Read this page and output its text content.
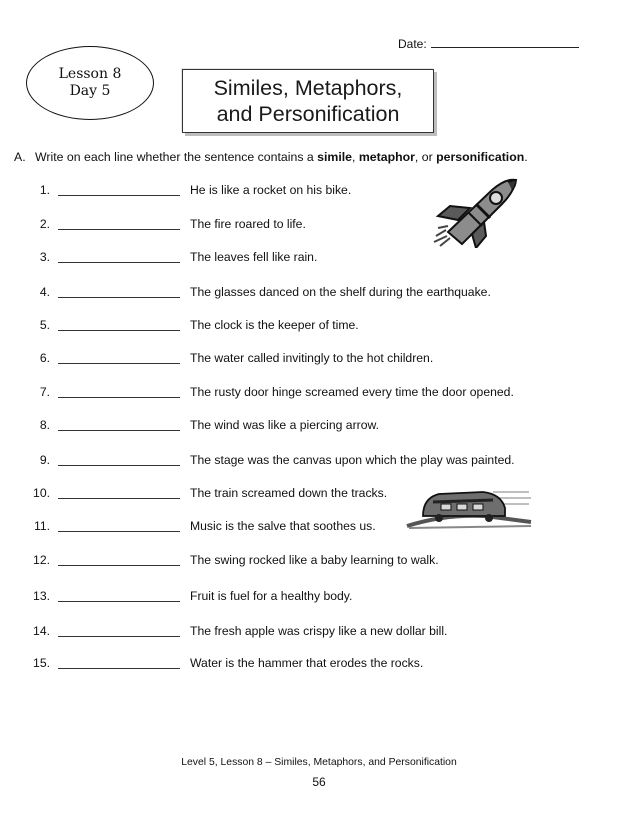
Date:
Lesson 8
Day 5	Similes, Metaphors,
and Personification
A. Write on each line whether the sentence contains a simile, metaphor, or personification.
1.	He is like a rocket on his bike.
2.	The fire roared to life.
3.	The leaves fell like rain.
4.	The glasses danced on the shelf during the earthquake.
5.	The clock is the keeper of time.
6.	The water called invitingly to the hot children.
7.	The rusty door hinge screamed every time the door opened.
8.	The wind was like a piercing arrow.
9.	The stage was the canvas upon which the play was painted.
10.	The train screamed down the tracks.
11.	Music is the salve that soothes us.
12.	The swing rocked like a baby learning to walk.
13.	Fruit is fuel for a healthy body.
14.	The fresh apple was crispy like a new dollar bill.
15.	Water is the hammer that erodes the rocks.
Level 5, Lesson 8 – Similes, Metaphors, and Personification
56
